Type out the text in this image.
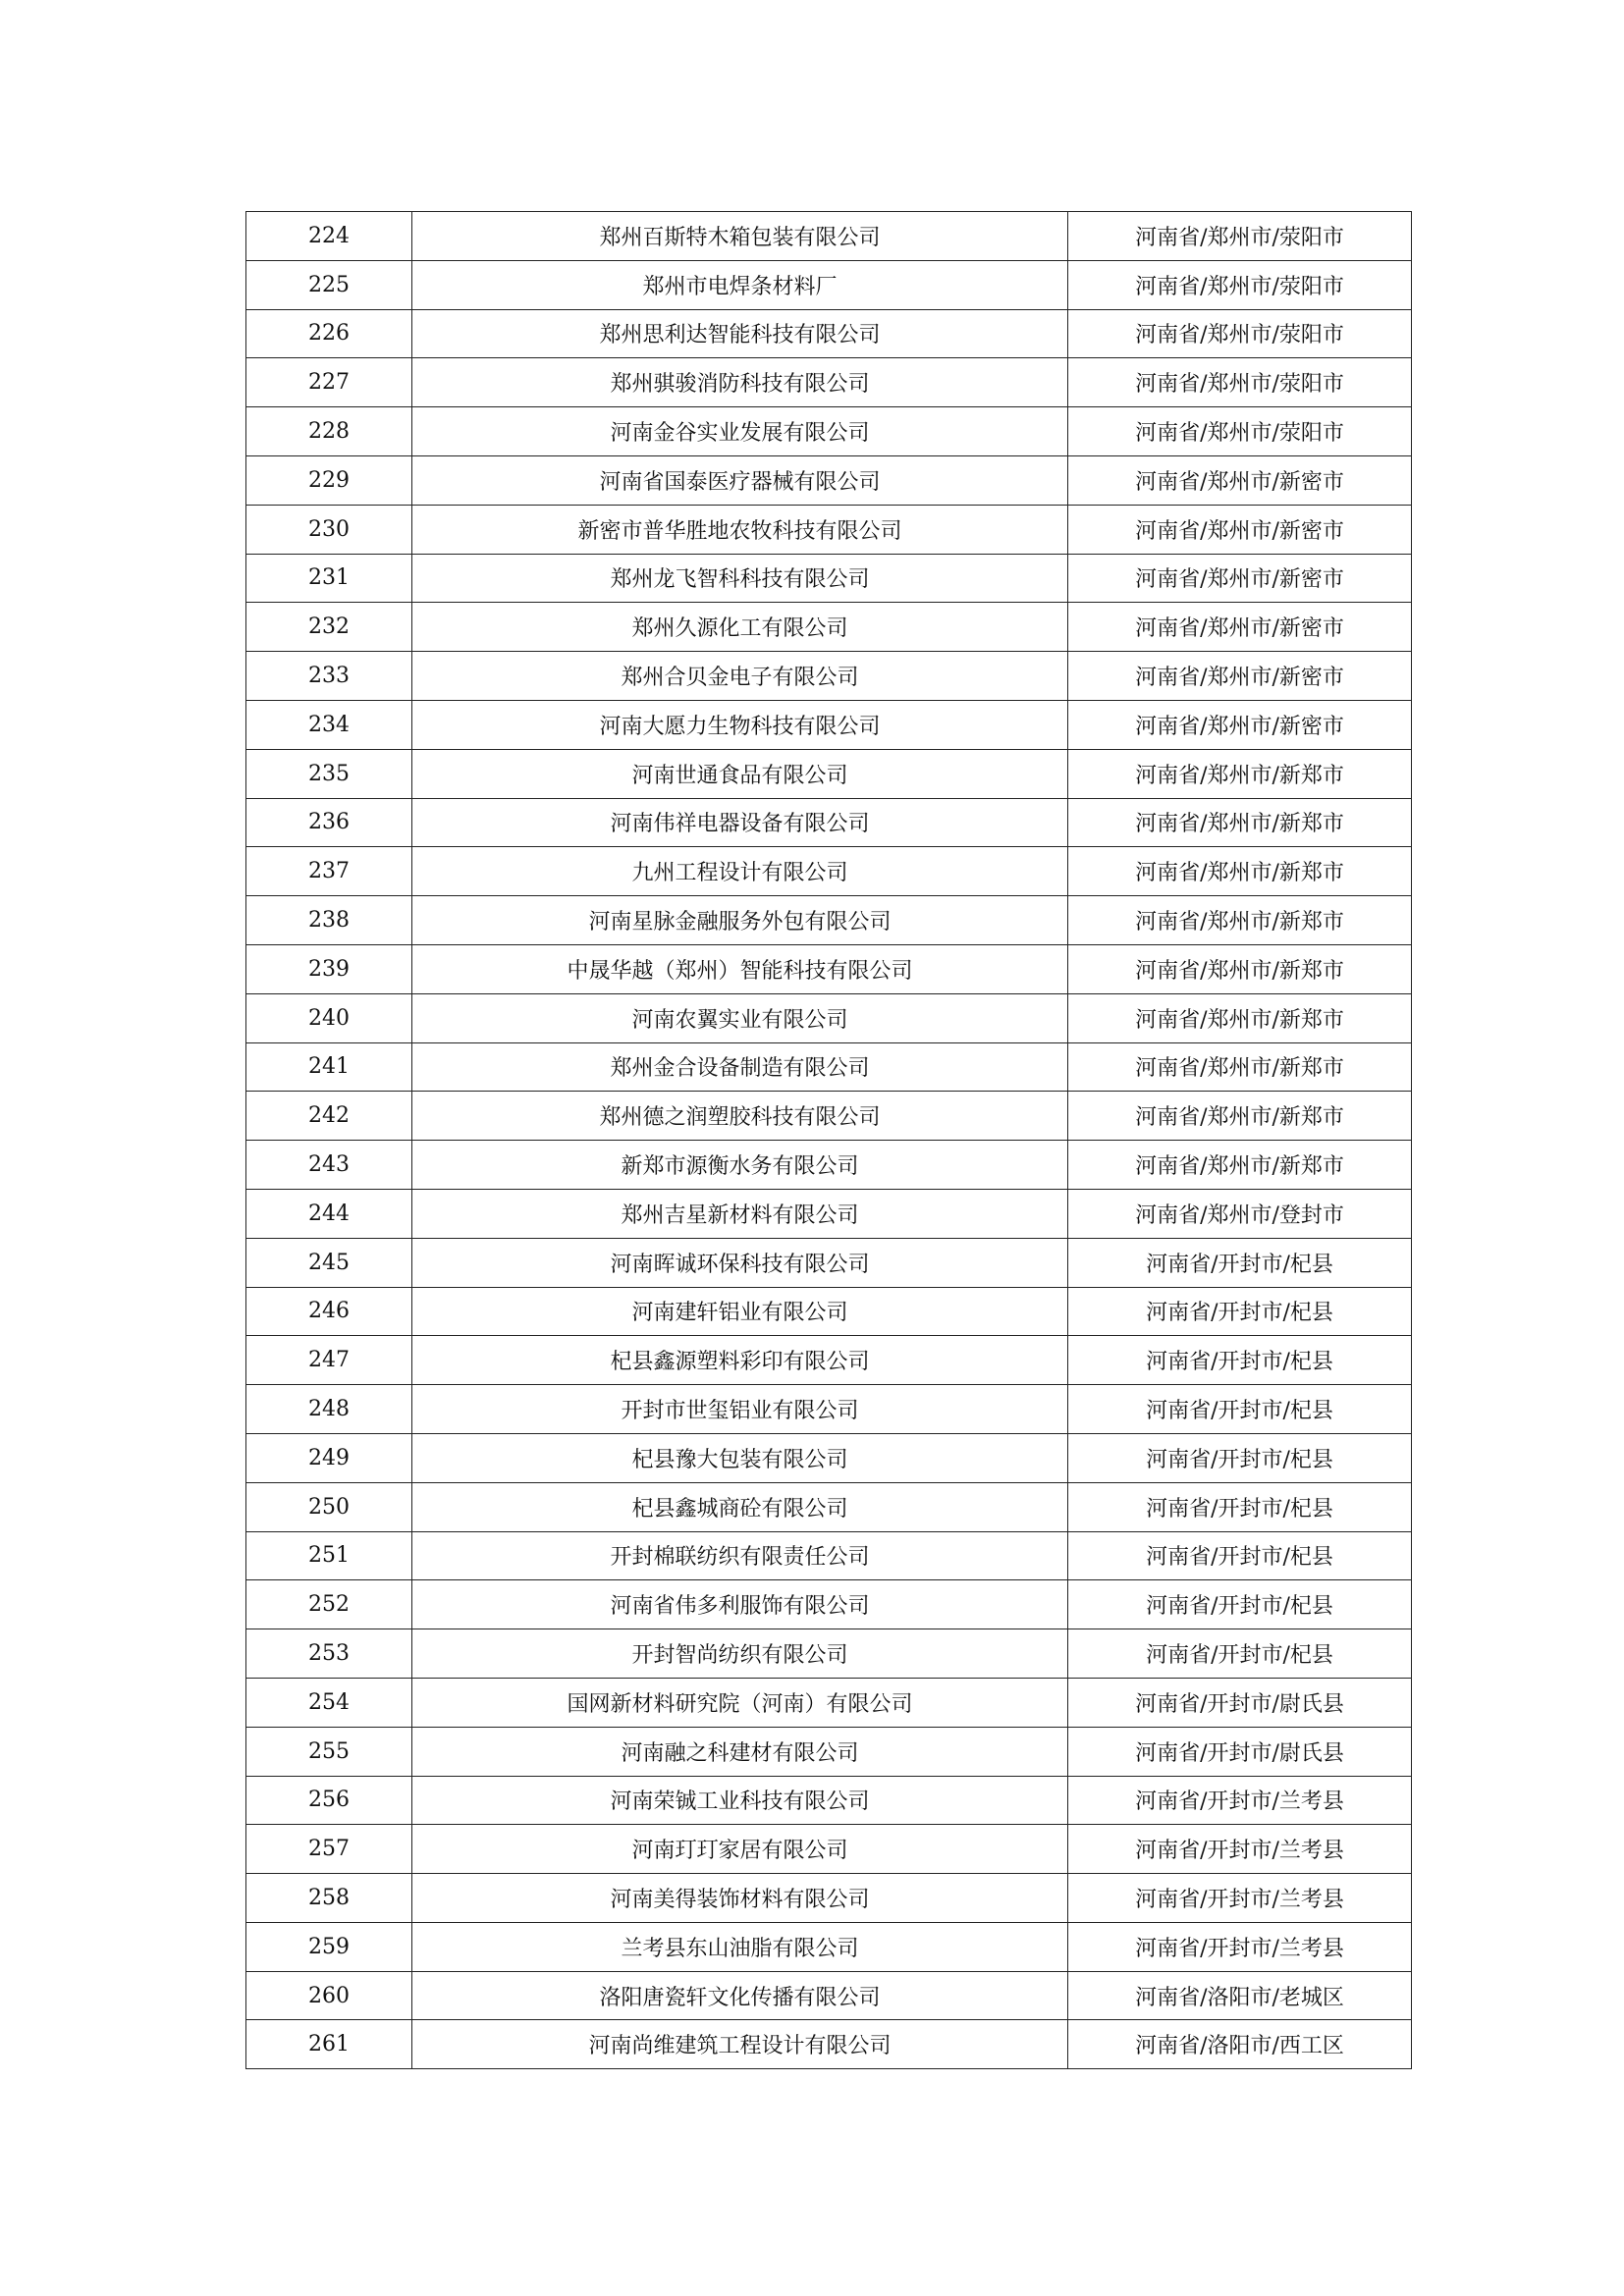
224	郑州百斯特木箱包装有限公司	河南省/郑州市/荥阳市
225	郑州市电焊条材料厂	河南省/郑州市/荥阳市
226	郑州思利达智能科技有限公司	河南省/郑州市/荥阳市
227	郑州骐骏消防科技有限公司	河南省/郑州市/荥阳市
228	河南金谷实业发展有限公司	河南省/郑州市/荥阳市
229	河南省国泰医疗器械有限公司	河南省/郑州市/新密市
230	新密市普华胜地农牧科技有限公司	河南省/郑州市/新密市
231	郑州龙飞智科科技有限公司	河南省/郑州市/新密市
232	郑州久源化工有限公司	河南省/郑州市/新密市
233	郑州合贝金电子有限公司	河南省/郑州市/新密市
234	河南大愿力生物科技有限公司	河南省/郑州市/新密市
235	河南世通食品有限公司	河南省/郑州市/新郑市
236	河南伟祥电器设备有限公司	河南省/郑州市/新郑市
237	九州工程设计有限公司	河南省/郑州市/新郑市
238	河南星脉金融服务外包有限公司	河南省/郑州市/新郑市
239	中晟华越（郑州）智能科技有限公司	河南省/郑州市/新郑市
240	河南农翼实业有限公司	河南省/郑州市/新郑市
241	郑州金合设备制造有限公司	河南省/郑州市/新郑市
242	郑州德之润塑胶科技有限公司	河南省/郑州市/新郑市
243	新郑市源衡水务有限公司	河南省/郑州市/新郑市
244	郑州吉星新材料有限公司	河南省/郑州市/登封市
245	河南晖诚环保科技有限公司	河南省/开封市/杞县
246	河南建轩铝业有限公司	河南省/开封市/杞县
247	杞县鑫源塑料彩印有限公司	河南省/开封市/杞县
248	开封市世玺铝业有限公司	河南省/开封市/杞县
249	杞县豫大包装有限公司	河南省/开封市/杞县
250	杞县鑫城商砼有限公司	河南省/开封市/杞县
251	开封棉联纺织有限责任公司	河南省/开封市/杞县
252	河南省伟多利服饰有限公司	河南省/开封市/杞县
253	开封智尚纺织有限公司	河南省/开封市/杞县
254	国网新材料研究院（河南）有限公司	河南省/开封市/尉氏县
255	河南融之科建材有限公司	河南省/开封市/尉氏县
256	河南荣铖工业科技有限公司	河南省/开封市/兰考县
257	河南玎玎家居有限公司	河南省/开封市/兰考县
258	河南美得装饰材料有限公司	河南省/开封市/兰考县
259	兰考县东山油脂有限公司	河南省/开封市/兰考县
260	洛阳唐瓷轩文化传播有限公司	河南省/洛阳市/老城区
261	河南尚维建筑工程设计有限公司	河南省/洛阳市/西工区
